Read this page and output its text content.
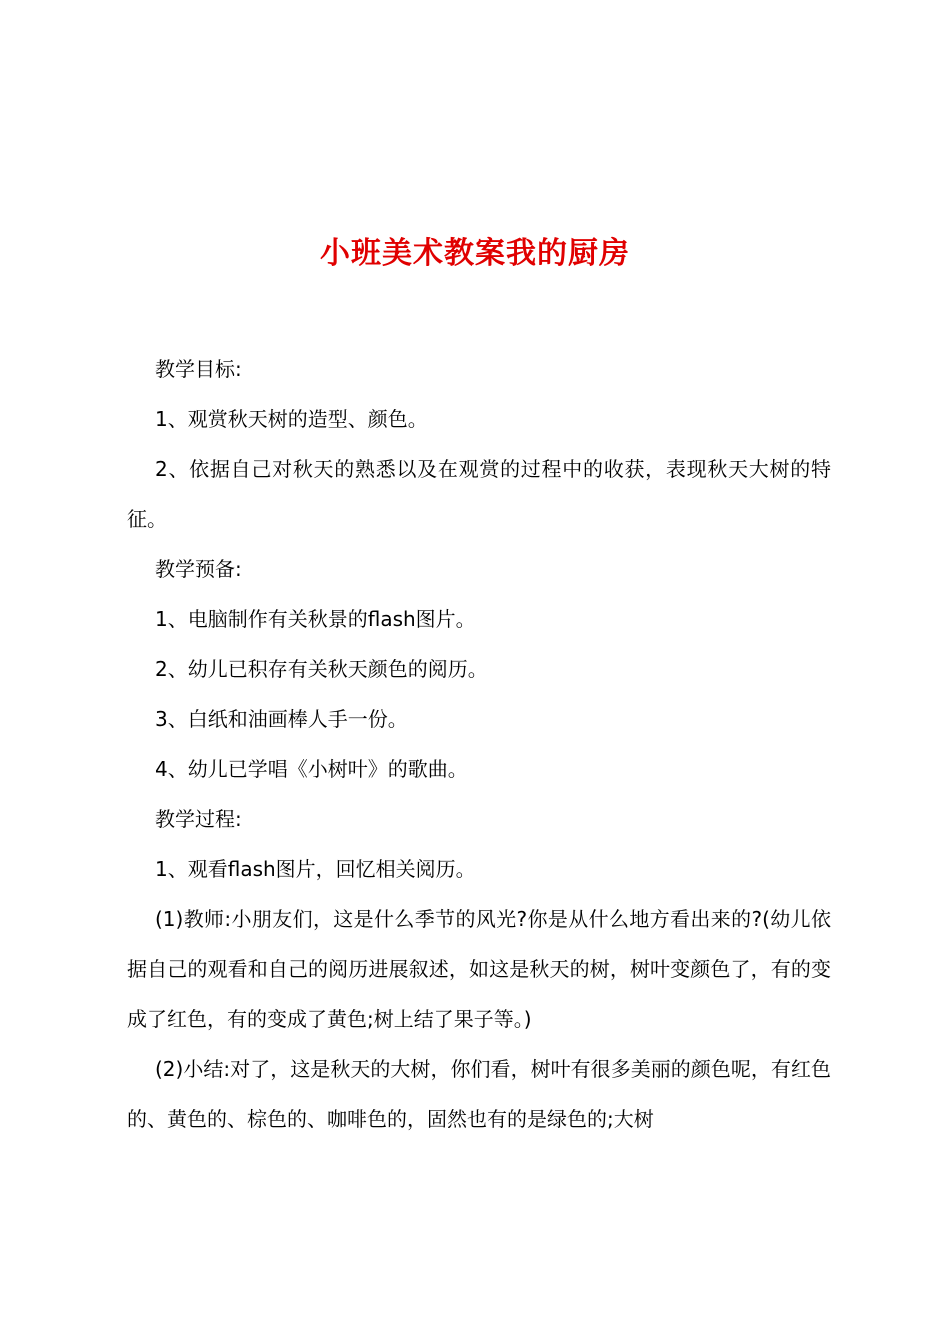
小班美术教案我的厨房

教学目标:

1、观赏秋天树的造型、颜色。

2、依据自己对秋天的熟悉以及在观赏的过程中的收获，表现秋天大树的特征。

教学预备:

1、电脑制作有关秋景的flash图片。

2、幼儿已积存有关秋天颜色的阅历。

3、白纸和油画棒人手一份。

4、幼儿已学唱《小树叶》的歌曲。

教学过程:

1、观看flash图片，回忆相关阅历。

(1)教师:小朋友们，这是什么季节的风光?你是从什么地方看出来的?(幼儿依据自己的观看和自己的阅历进展叙述，如这是秋天的树，树叶变颜色了，有的变成了红色，有的变成了黄色;树上结了果子等。)

(2)小结:对了，这是秋天的大树，你们看，树叶有很多美丽的颜色呢，有红色的、黄色的、棕色的、咖啡色的，固然也有的是绿色的;大树
